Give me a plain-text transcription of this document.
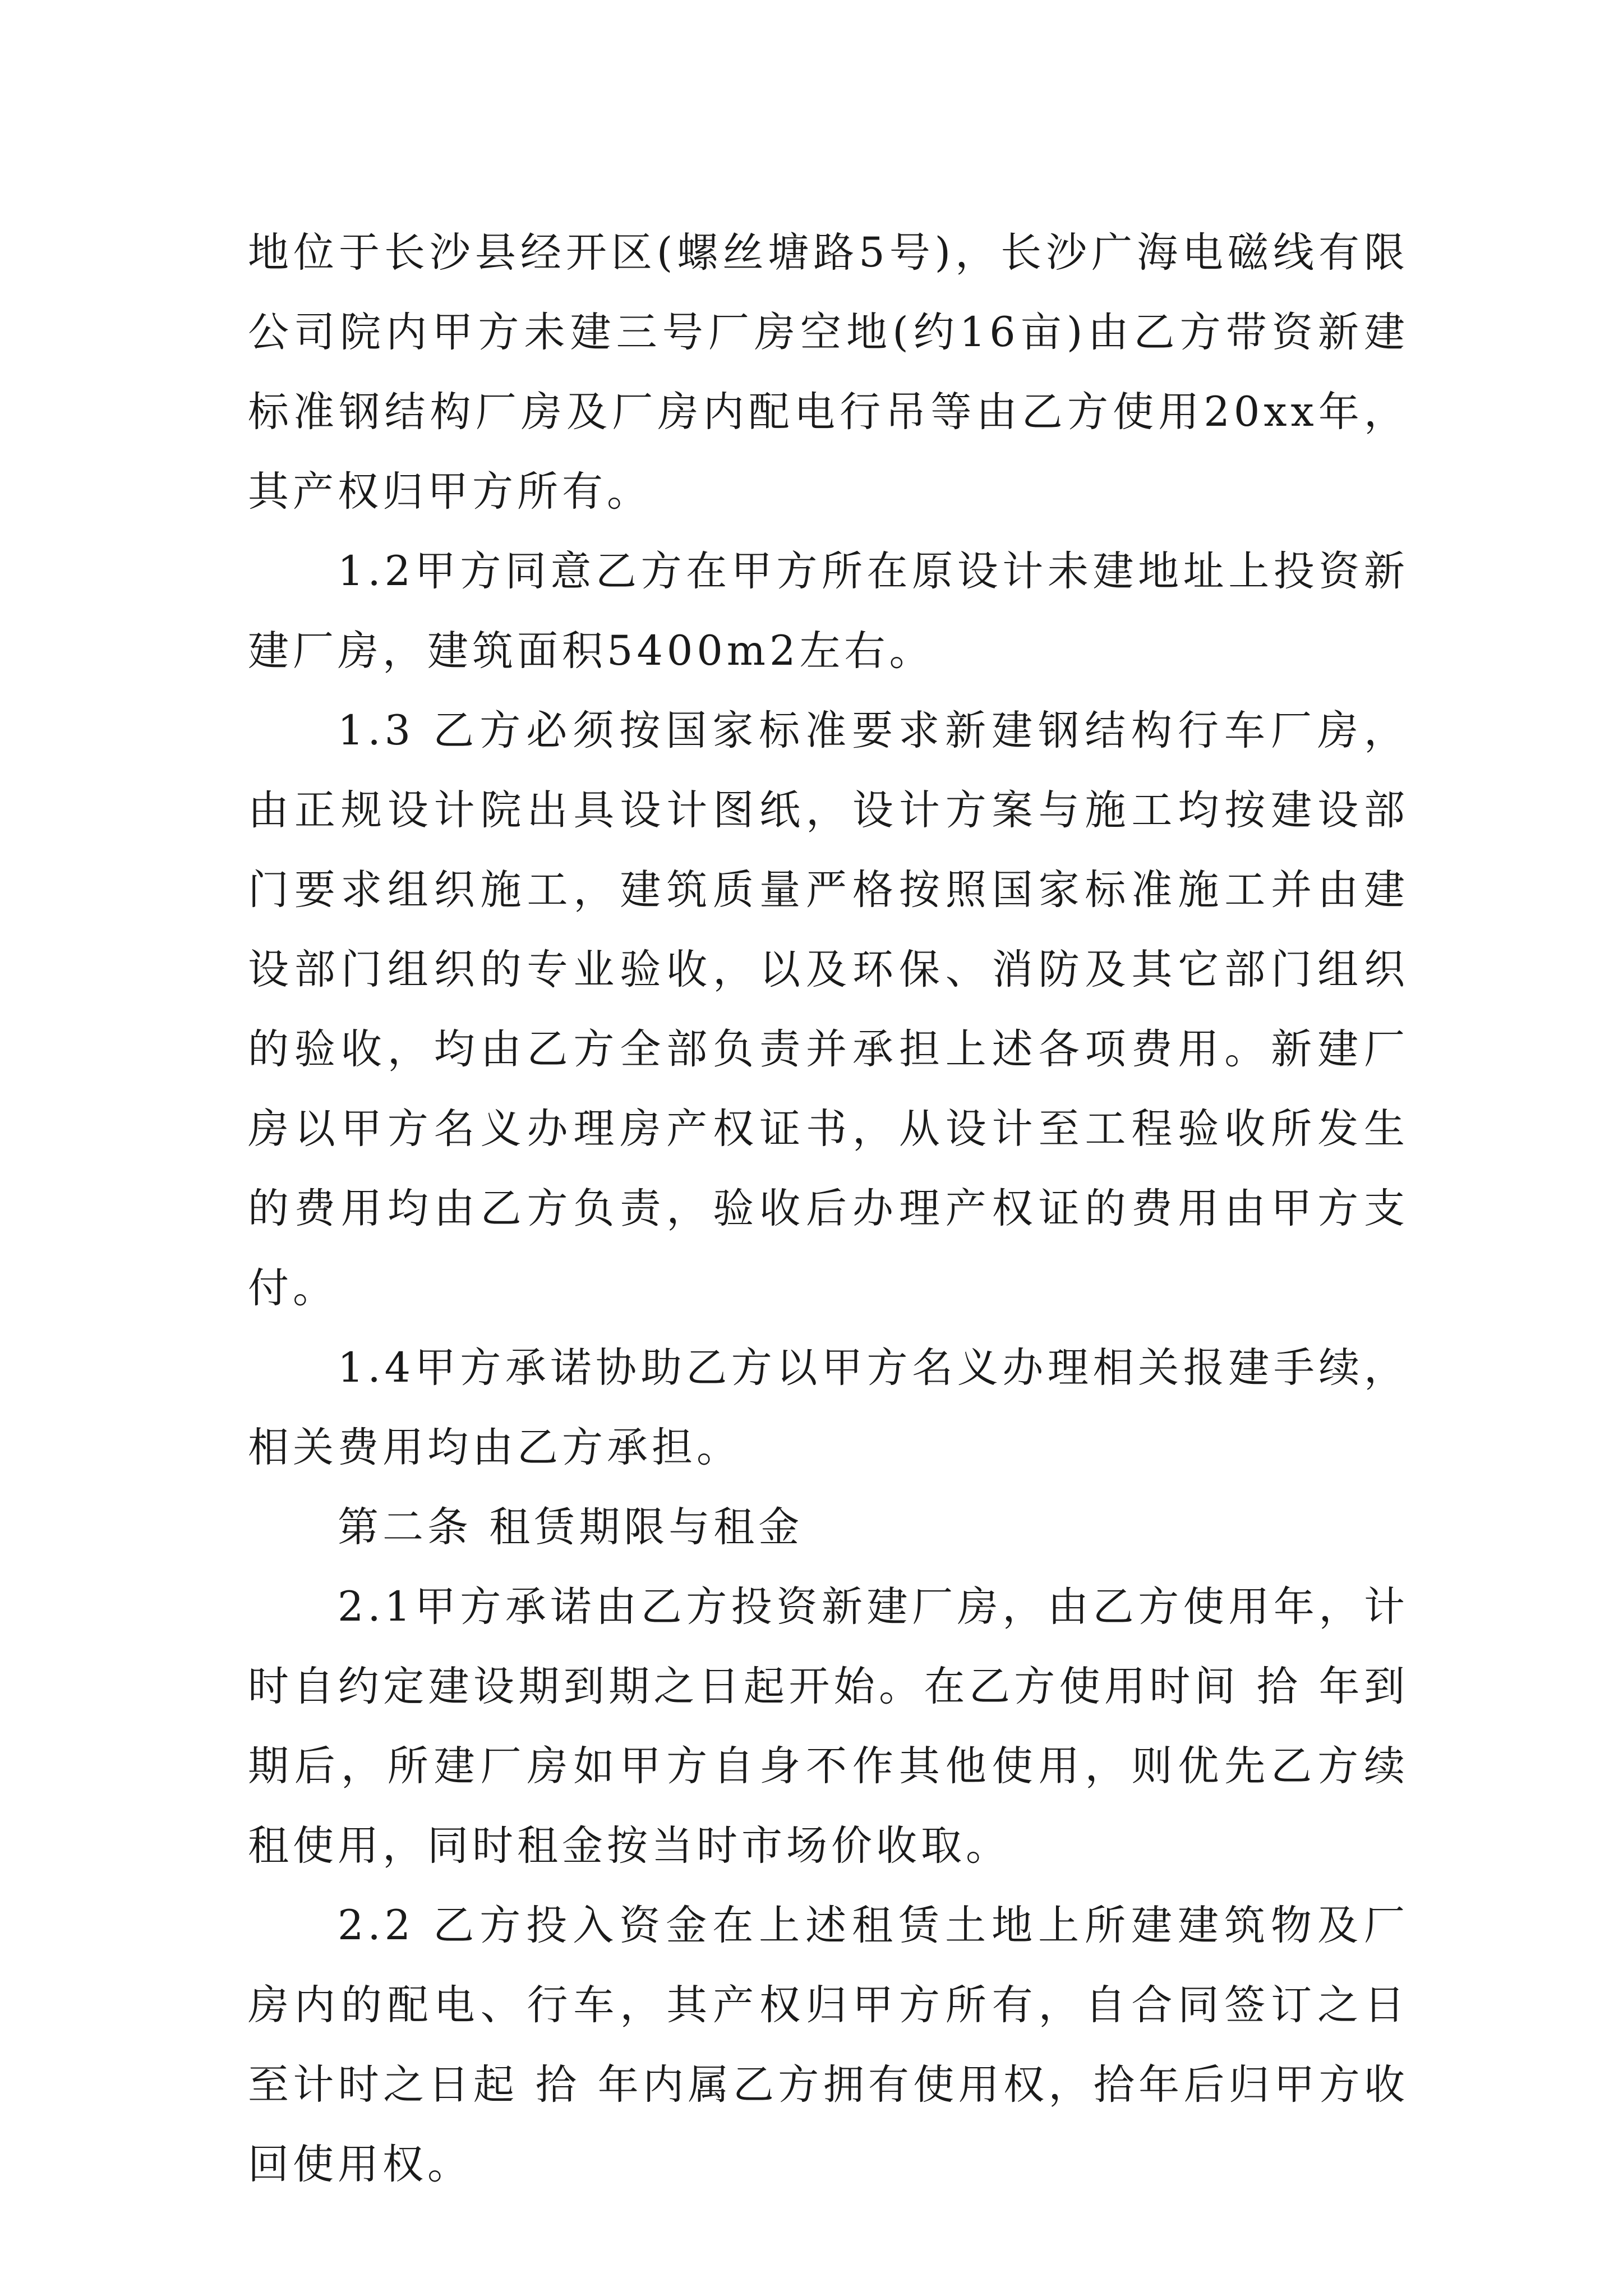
地位于长沙县经开区(螺丝塘路5号)，长沙广海电磁线有限公司院内甲方未建三号厂房空地(约16亩)由乙方带资新建标准钢结构厂房及厂房内配电行吊等由乙方使用20xx年，其产权归甲方所有。

1.2甲方同意乙方在甲方所在原设计未建地址上投资新建厂房，建筑面积5400m2左右。

1.3 乙方必须按国家标准要求新建钢结构行车厂房，由正规设计院出具设计图纸，设计方案与施工均按建设部门要求组织施工，建筑质量严格按照国家标准施工并由建设部门组织的专业验收，以及环保、消防及其它部门组织的验收，均由乙方全部负责并承担上述各项费用。新建厂房以甲方名义办理房产权证书，从设计至工程验收所发生的费用均由乙方负责，验收后办理产权证的费用由甲方支付。

1.4甲方承诺协助乙方以甲方名义办理相关报建手续，相关费用均由乙方承担。

第二条 租赁期限与租金

2.1甲方承诺由乙方投资新建厂房，由乙方使用年，计时自约定建设期到期之日起开始。在乙方使用时间 拾 年到期后，所建厂房如甲方自身不作其他使用，则优先乙方续租使用，同时租金按当时市场价收取。

2.2 乙方投入资金在上述租赁土地上所建建筑物及厂房内的配电、行车，其产权归甲方所有，自合同签订之日至计时之日起 拾 年内属乙方拥有使用权，拾年后归甲方收回使用权。
